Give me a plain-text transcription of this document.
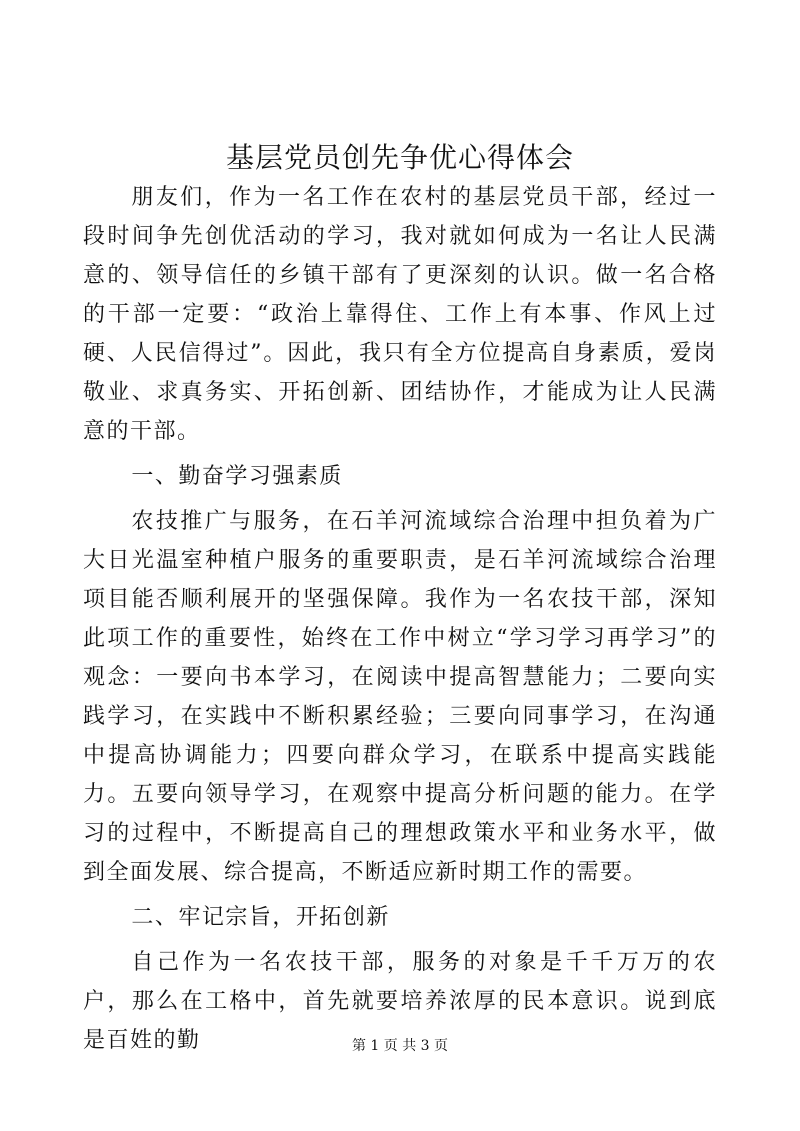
基层党员创先争优心得体会

朋友们，作为一名工作在农村的基层党员干部，经过一段时间争先创优活动的学习，我对就如何成为一名让人民满意的、领导信任的乡镇干部有了更深刻的认识。做一名合格的干部一定要：“政治上靠得住、工作上有本事、作风上过硬、人民信得过”。因此，我只有全方位提高自身素质，爱岗敬业、求真务实、开拓创新、团结协作，才能成为让人民满意的干部。

一、勤奋学习强素质

农技推广与服务，在石羊河流域综合治理中担负着为广大日光温室种植户服务的重要职责，是石羊河流域综合治理项目能否顺利展开的坚强保障。我作为一名农技干部，深知此项工作的重要性，始终在工作中树立“学习学习再学习”的观念：一要向书本学习，在阅读中提高智慧能力；二要向实践学习，在实践中不断积累经验；三要向同事学习，在沟通中提高协调能力；四要向群众学习，在联系中提高实践能力。五要向领导学习，在观察中提高分析问题的能力。在学习的过程中，不断提高自己的理想政策水平和业务水平，做到全面发展、综合提高，不断适应新时期工作的需要。

二、牢记宗旨，开拓创新

自己作为一名农技干部，服务的对象是千千万万的农户，那么在工格中，首先就要培养浓厚的民本意识。说到底是百姓的勤	第 1 页 共 3 页
